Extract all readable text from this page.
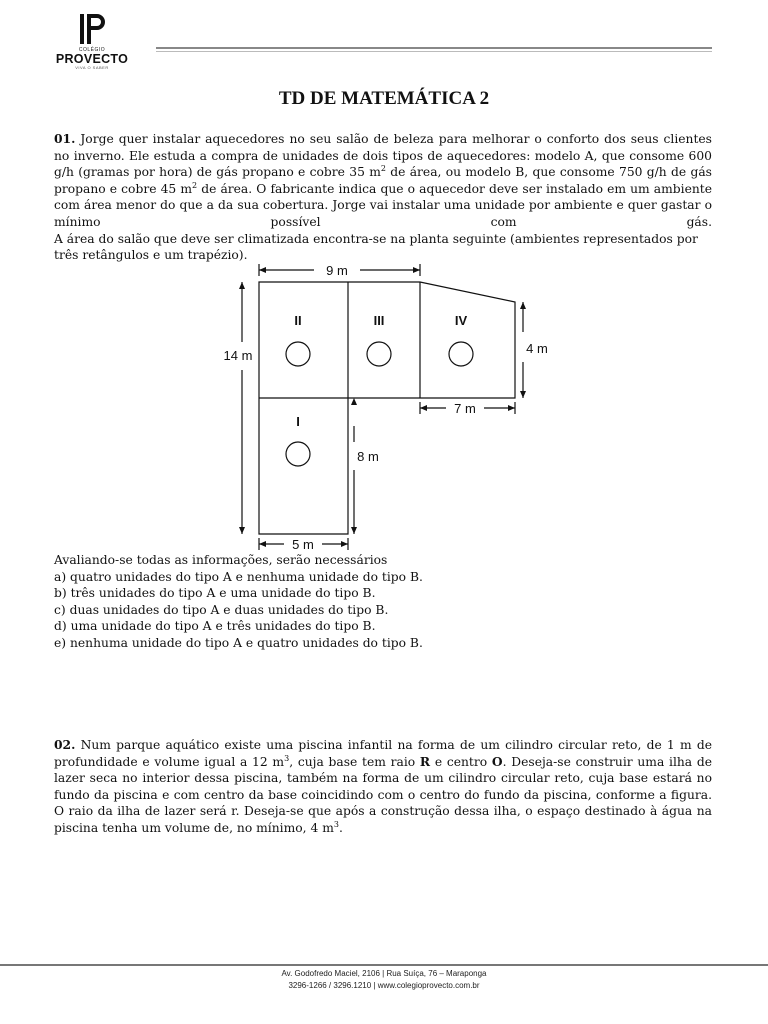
COLÉGIO
PROVECTO
VIVA O SABER
TD DE MATEMÁTICA 2
01. Jorge quer instalar aquecedores no seu salão de beleza para melhorar o conforto dos seus clientes no inverno. Ele estuda a compra de unidades de dois tipos de aquecedores: modelo A, que consome 600 g/h (gramas por hora) de gás propano e cobre 35 $m^2$ de área, ou modelo B, que consome 750 g/h de gás propano e cobre 45 $m^2$ de área. O fabricante indica que o aquecedor deve ser instalado em um ambiente com área menor do que a da sua cobertura. Jorge vai instalar uma unidade por ambiente e quer gastar o mínimo possível com gás.
A área do salão que deve ser climatizada encontra-se na planta seguinte (ambientes representados por três retângulos e um trapézio).
9 m
14 m	4 m
7 m
8 m
5 m
II	III	IV
I
Avaliando-se todas as informações, serão necessários
a) quatro unidades do tipo A e nenhuma unidade do tipo B.
b) três unidades do tipo A e uma unidade do tipo B.
c) duas unidades do tipo A e duas unidades do tipo B.
d) uma unidade do tipo A e três unidades do tipo B.
e) nenhuma unidade do tipo A e quatro unidades do tipo B.
02. Num parque aquático existe uma piscina infantil na forma de um cilindro circular reto, de 1 m de profundidade e volume igual a 12 $m^3$, cuja base tem raio R e centro O. Deseja-se construir uma ilha de lazer seca no interior dessa piscina, também na forma de um cilindro circular reto, cuja base estará no fundo da piscina e com centro da base coincidindo com o centro do fundo da piscina, conforme a figura. O raio da ilha de lazer será r. Deseja-se que após a construção dessa ilha, o espaço destinado à água na piscina tenha um volume de, no mínimo, 4 $m^3$.
Av. Godofredo Maciel, 2106 | Rua Suíça, 76 – Maraponga
3296-1266 / 3296.1210 | www.colegioprovecto.com.br
